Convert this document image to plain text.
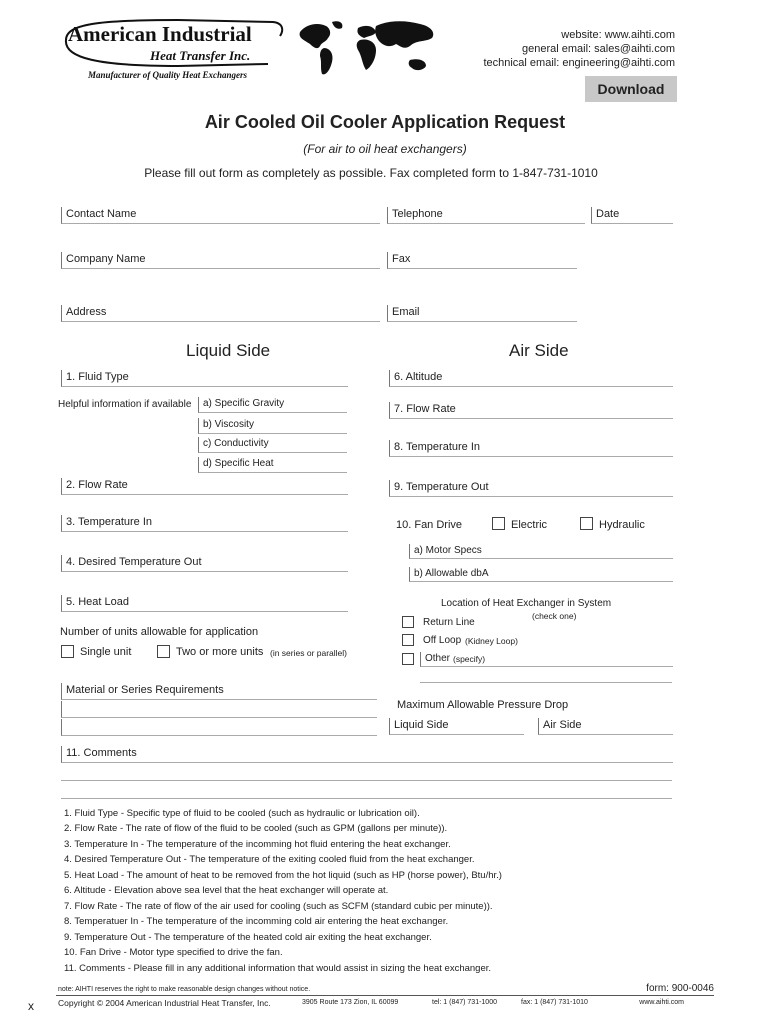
American Industrial
Heat Transfer Inc.
Manufacturer of Quality Heat Exchangers
website: www.aihti.com
general email: sales@aihti.com
technical email: engineering@aihti.com
Download
Air Cooled Oil Cooler Application Request
(For air to oil heat exchangers)
Please fill out form as completely as possible. Fax completed form to 1-847-731-1010
Contact Name	Telephone	Date
Company Name	Fax
Address	Email
Liquid Side	Air Side
1. Fluid Type
Helpful information if available a) Specific Gravity
b) Viscosity
c) Conductivity
d) Specific Heat
2. Flow Rate
3. Temperature In
4. Desired Temperature Out
5. Heat Load
Number of units allowable for application
Single unit	Two or more units (in series or parallel)
Material or Series Requirements
6. Altitude
7. Flow Rate
8. Temperature In
9. Temperature Out
10. Fan Drive	Electric	Hydraulic
a) Motor Specs
b) Allowable dbA
Location of Heat Exchanger in System
(check one)
Return Line
Off Loop (Kidney Loop)
Other (specify)
Maximum Allowable Pressure Drop
Liquid Side	Air Side
11. Comments
1. Fluid Type - Specific type of fluid to be cooled (such as hydraulic or lubrication oil).
2. Flow Rate - The rate of flow of the fluid to be cooled (such as GPM (gallons per minute)).
3. Temperature In - The temperature of the incomming hot fluid entering the heat exchanger.
4. Desired Temperature Out - The temperature of the exiting cooled fluid from the heat exchanger.
5. Heat Load - The amount of heat to be removed from the hot liquid (such as HP (horse power), Btu/hr.)
6. Altitude - Elevation above sea level that the heat exchanger will operate at.
7. Flow Rate - The rate of flow of the air used for cooling (such as SCFM (standard cubic per minute)).
8. Temperatuer In - The temperature of the incomming cold air entering the heat exchanger.
9. Temperature Out - The temperature of the heated cold air exiting the heat exchanger.
10. Fan Drive - Motor type specified to drive the fan.
11. Comments - Please fill in any additional information that would assist in sizing the heat exchanger.
note: AIHTI reserves the right to make reasonable design changes without notice.	form: 900-0046
x	Copyright © 2004 American Industrial Heat Transfer, Inc.	3905 Route 173 Zion, IL 60099	tel: 1 (847) 731-1000	fax: 1 (847) 731-1010	www.aihti.com
